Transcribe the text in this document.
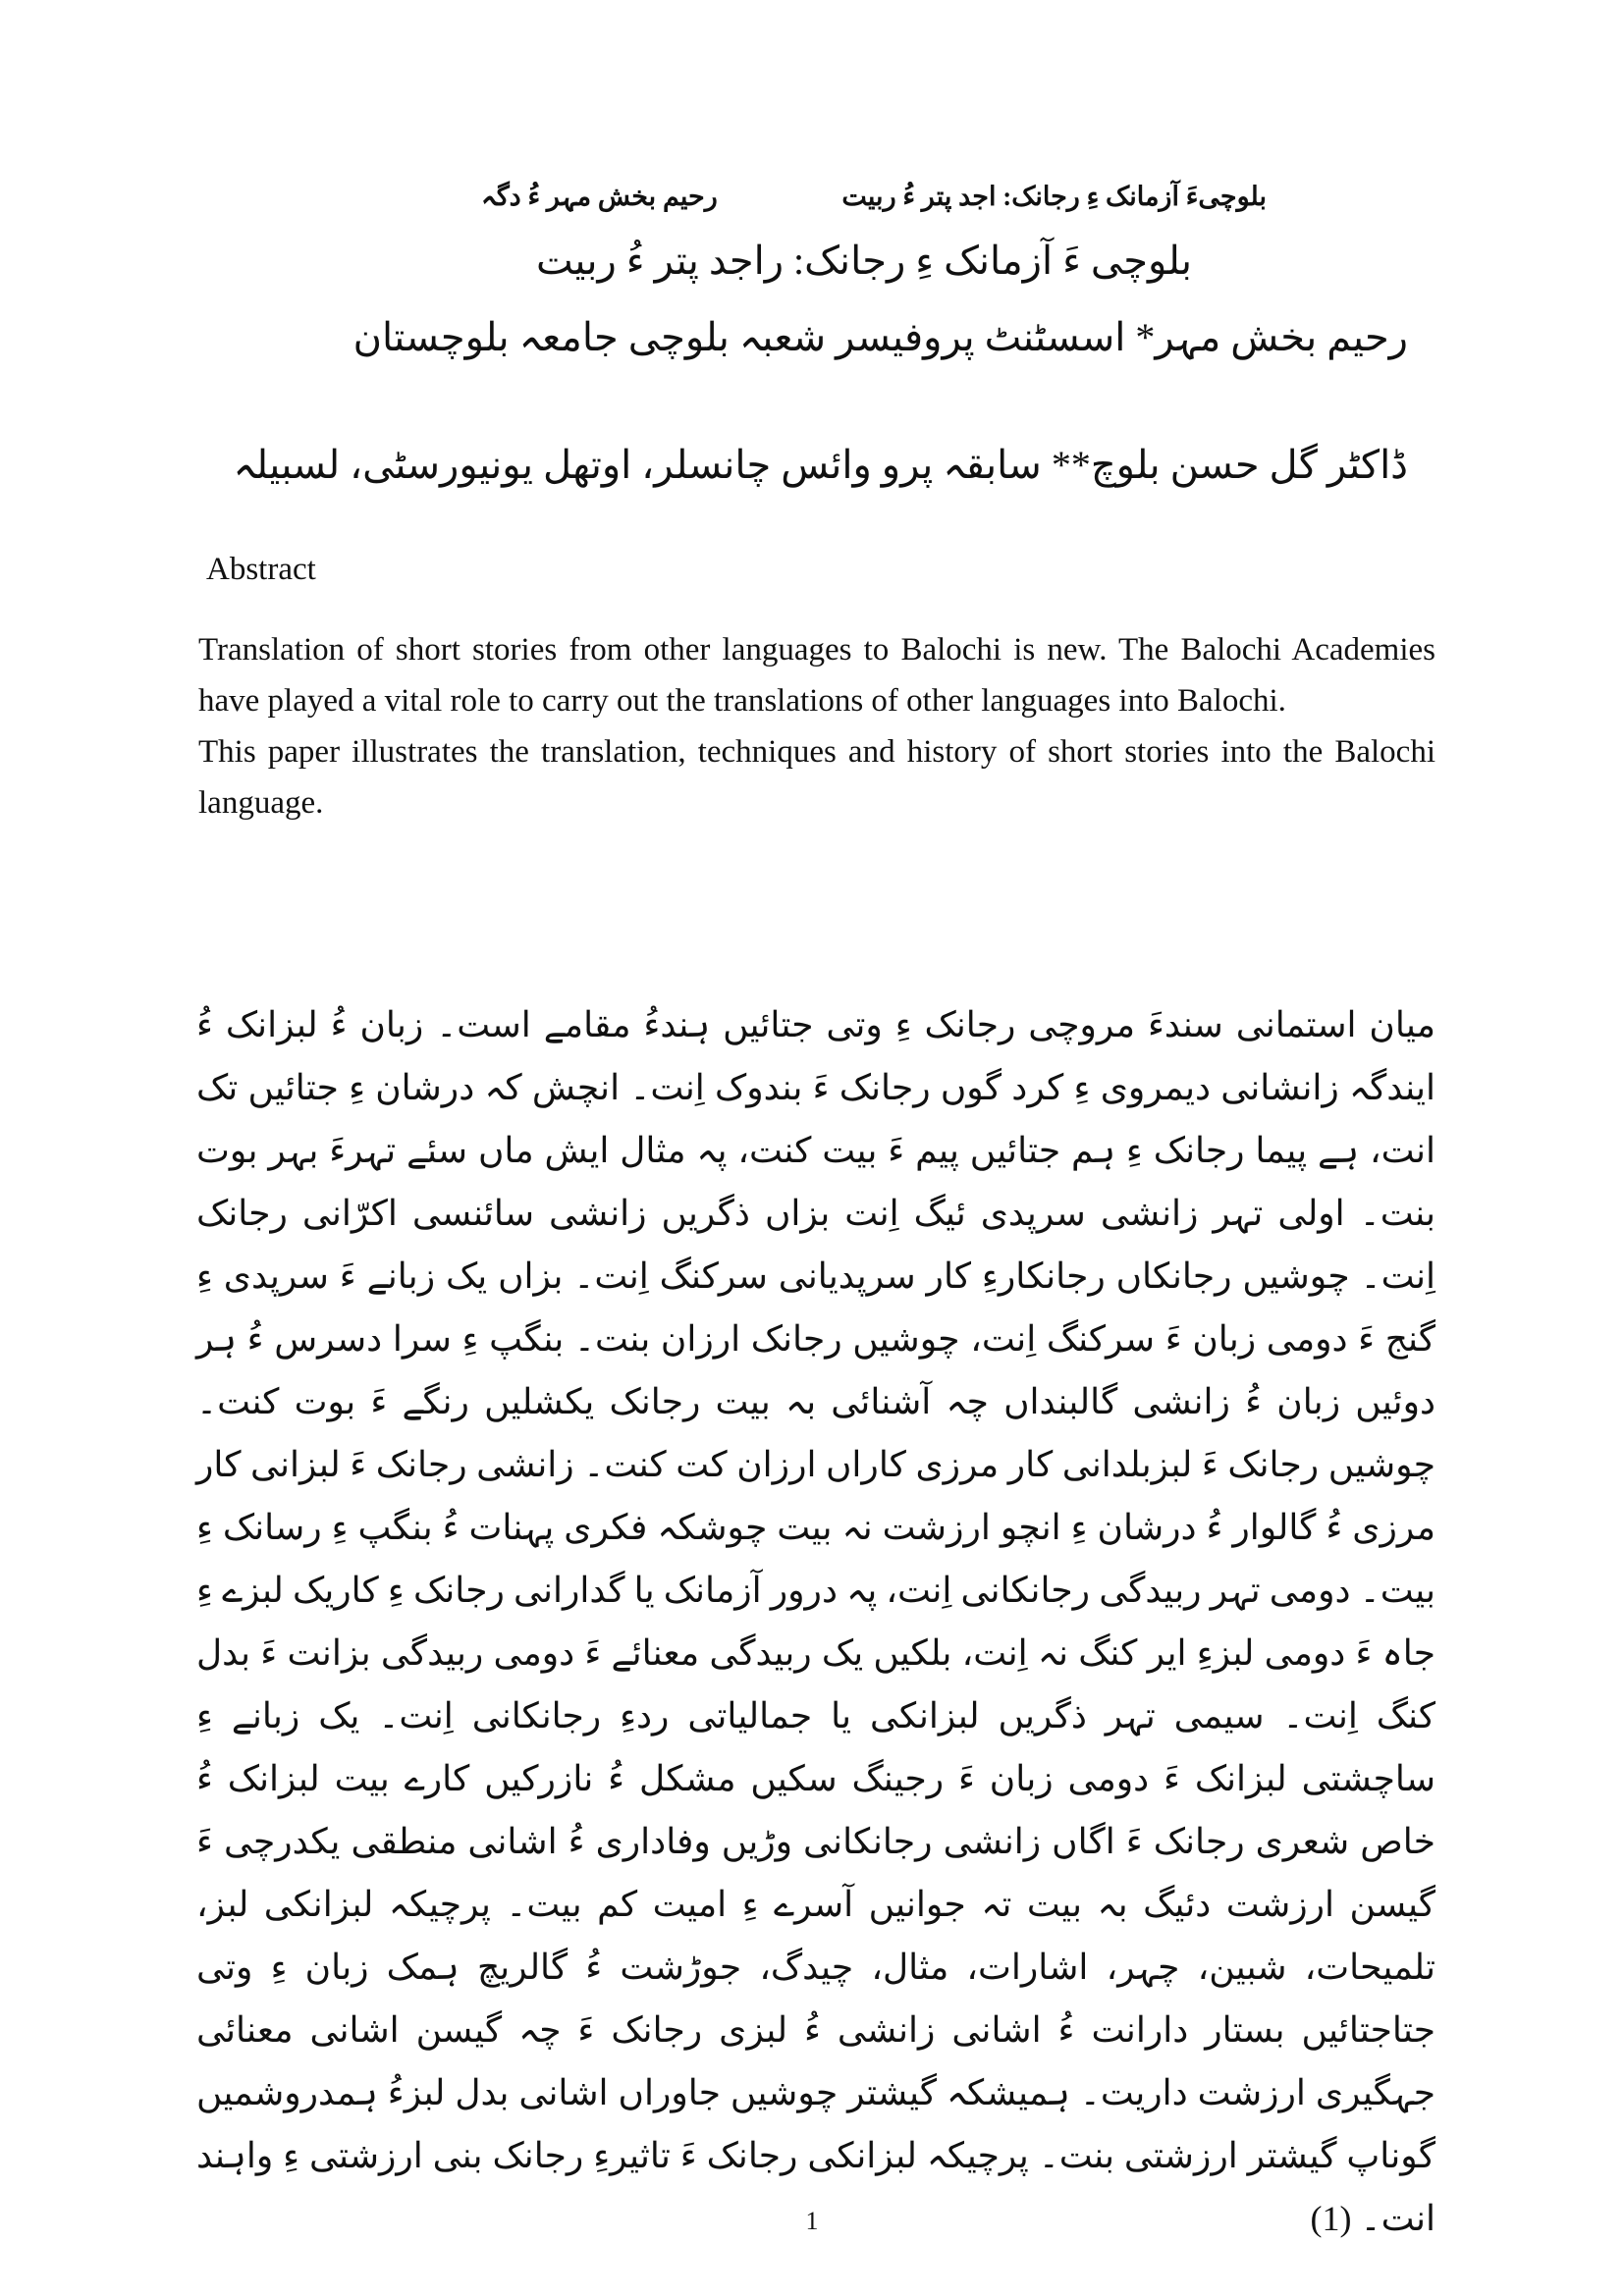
بلوچیءَ آزمانک ءِ رجانک: اجد پتر ءُ ربیت
رحیم بخش مہر ءُ دگہ
بلوچی ءَ آزمانک ءِ رجانک: راجد پتر ءُ ربیت
رحیم بخش مہر* اسسٹنٹ پروفیسر شعبہ بلوچی جامعہ بلوچستان
ڈاکٹر گل حسن بلوچ** سابقہ پرو وائس چانسلر، اوتھل یونیورسٹی، لسبیلہ
Abstract

Translation of short stories from other languages to Balochi is new. The Balochi Academies have played a vital role to carry out the translations of other languages into Balochi.

This paper illustrates the translation, techniques and history of short stories into the Balochi language.

میان استمانی سندءَ مروچی رجانک ءِ وتی جتائیں ہندءُ مقامے است۔ زبان ءُ لبزانک ءُ ایندگہ زانشانی دیمروی ءِ کرد گوں رجانک ءَ بندوک اِنت۔ انچش کہ درشان ءِ جتائیں تک انت، ہے پیما رجانک ءِ ہم جتائیں پیم ءَ بیت کنت، پہ مثال ایش ماں سئے تہرءَ بہر بوت بنت۔ اولی تہر زانشی سرپدی ئیگ اِنت بزاں ذگریں زانشی سائنسی اکرّانی رجانک اِنت۔ چوشیں رجانکاں رجانکارءِ کار سرپدیانی سرکنگ اِنت۔ بزاں یک زبانے ءَ سرپدی ءِ گنج ءَ دومی زبان ءَ سرکنگ اِنت، چوشیں رجانک ارزان بنت۔ بنگپ ءِ سرا دسرس ءُ ہر دوئیں زبان ءُ زانشی گالبنداں چہ آشنائی بہ بیت رجانک یکشلیں رنگے ءَ بوت کنت۔ چوشیں رجانک ءَ لبزبلدانی کار مرزی کاراں ارزان کت کنت۔ زانشی رجانک ءَ لبزانی کار مرزی ءُ گالوار ءُ درشان ءِ انچو ارزشت نہ بیت چوشکہ فکری پہنات ءُ بنگپ ءِ رسانک ءِ بیت۔ دومی تہر ربیدگی رجانکانی اِنت، پہ درور آزمانک یا گدارانی رجانک ءِ کاریک لبزے ءِ جاہ ءَ دومی لبزءِ ایر کنگ نہ اِنت، بلکیں یک ربیدگی معنائے ءَ دومی ربیدگی بزانت ءَ بدل کنگ اِنت۔ سیمی تہر ذگریں لبزانکی یا جمالیاتی ردءِ رجانکانی اِنت۔ یک زبانے ءِ ساچشتی لبزانک ءَ دومی زبان ءَ رجینگ سکیں مشکل ءُ نازرکیں کارے بیت لبزانک ءُ خاص شعری رجانک ءَ اگاں زانشی رجانکانی وڑیں وفاداری ءُ اشانی منطقی یکدرچی ءَ گیسن ارزشت دئیگ بہ بیت تہ جوانیں آسرے ءِ امیت کم بیت۔ پرچیکہ لبزانکی لبز، تلمیحات، شبین، چہر، اشارات، مثال، چیدگ، جوڑشت ءُ گالریچ ہمک زبان ءِ وتی جتاجتائیں بستار دارانت ءُ اشانی زانشی ءُ لبزی رجانک ءَ چہ گیسن اشانی معنائی جہگیری ارزشت داریت۔ ہمیشکہ گیشتر چوشیں جاوراں اشانی بدل لبزءُ ہمدروشمیں گوناپ گیشتر ارزشتی بنت۔ پرچیکہ لبزانکی رجانک ءَ تاثیرءِ رجانک بنی ارزشتی ءِ واہند انت۔ (1)

1
